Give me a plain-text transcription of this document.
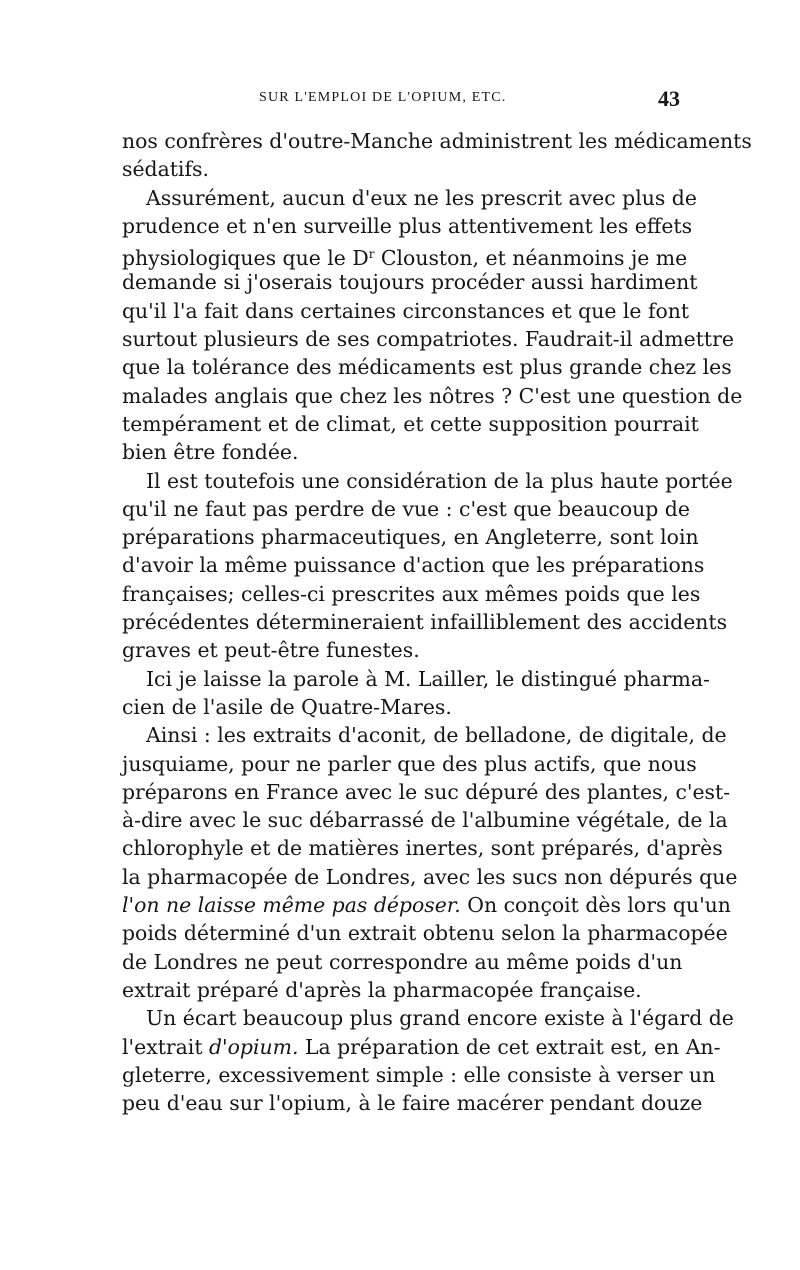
SUR L'EMPLOI DE L'OPIUM, ETC.	43
nos confrères d'outre-Manche administrent les médicaments
sédatifs.
Assurément, aucun d'eux ne les prescrit avec plus de
prudence et n'en surveille plus attentivement les effets
physiologiques que le $D^r$ Clouston, et néanmoins je me
demande si j'oserais toujours procéder aussi hardiment
qu'il l'a fait dans certaines circonstances et que le font
surtout plusieurs de ses compatriotes. Faudrait-il admettre
que la tolérance des médicaments est plus grande chez les
malades anglais que chez les nôtres ? C'est une question de
tempérament et de climat, et cette supposition pourrait
bien être fondée.
Il est toutefois une considération de la plus haute portée
qu'il ne faut pas perdre de vue : c'est que beaucoup de
préparations pharmaceutiques, en Angleterre, sont loin
d'avoir la même puissance d'action que les préparations
françaises; celles-ci prescrites aux mêmes poids que les
précédentes détermineraient infailliblement des accidents
graves et peut-être funestes.
Ici je laisse la parole à M. Lailler, le distingué pharma-
cien de l'asile de Quatre-Mares.
Ainsi : les extraits d'aconit, de belladone, de digitale, de
jusquiame, pour ne parler que des plus actifs, que nous
préparons en France avec le suc dépuré des plantes, c'est-
à-dire avec le suc débarrassé de l'albumine végétale, de la
chlorophyle et de matières inertes, sont préparés, d'après
la pharmacopée de Londres, avec les sucs non dépurés que
l'on ne laisse même pas déposer. On conçoit dès lors qu'un
poids déterminé d'un extrait obtenu selon la pharmacopée
de Londres ne peut correspondre au même poids d'un
extrait préparé d'après la pharmacopée française.
Un écart beaucoup plus grand encore existe à l'égard de
l'extrait d'opium. La préparation de cet extrait est, en An-
gleterre, excessivement simple : elle consiste à verser un
peu d'eau sur l'opium, à le faire macérer pendant douze
